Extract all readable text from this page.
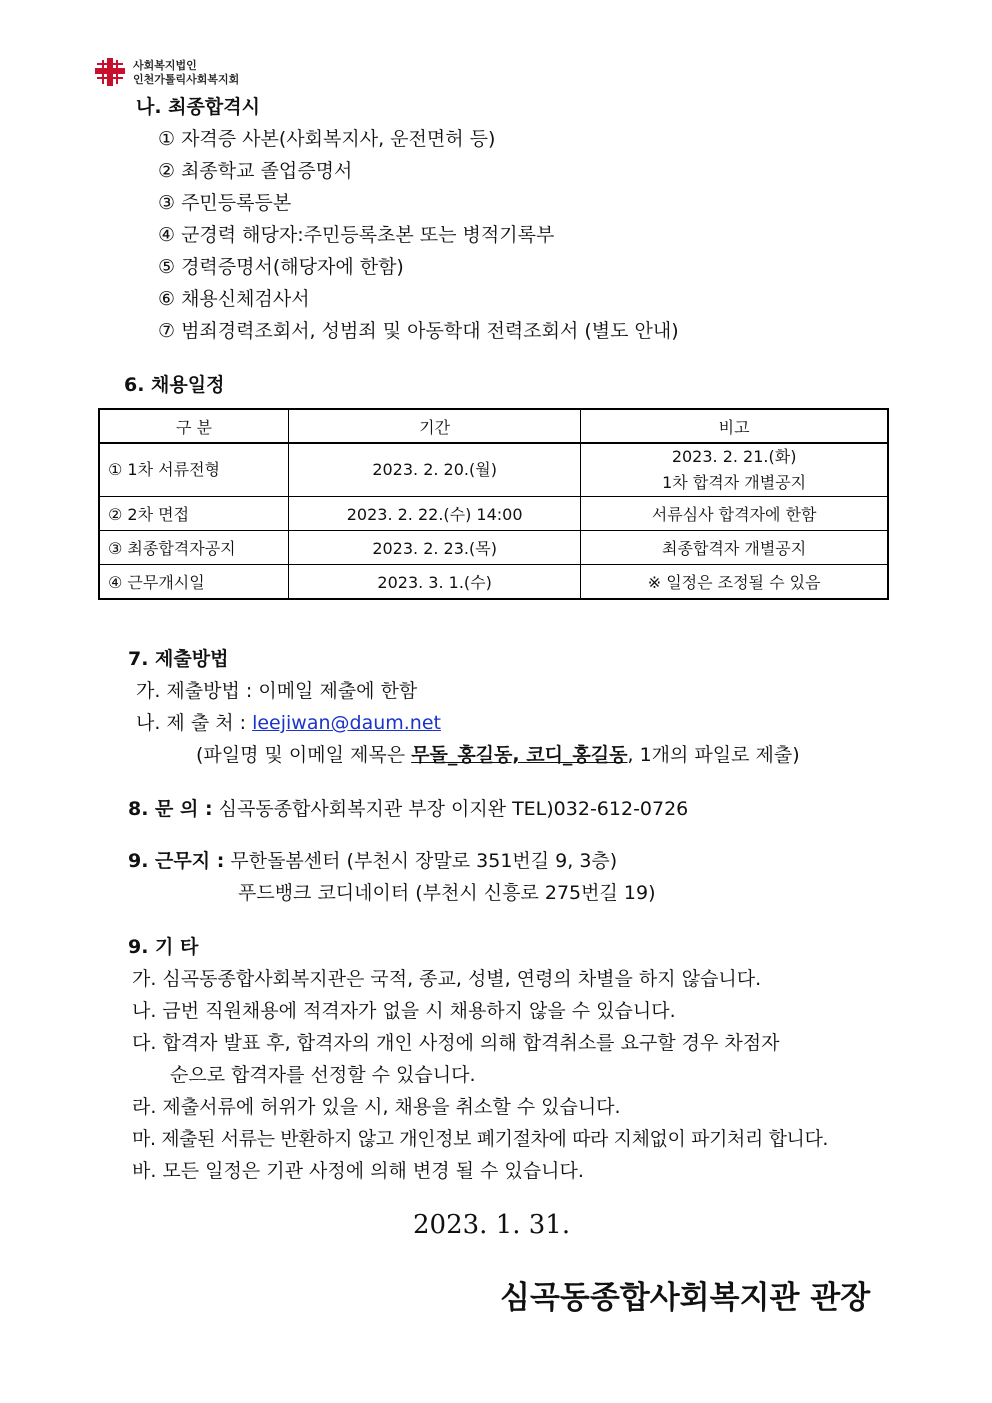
사회복지법인
인천가톨릭사회복지회
나. 최종합격시
① 자격증 사본(사회복지사, 운전면허 등)
② 최종학교 졸업증명서
③ 주민등록등본
④ 군경력 해당자:주민등록초본 또는 병적기록부
⑤ 경력증명서(해당자에 한함)
⑥ 채용신체검사서
⑦ 범죄경력조회서, 성범죄 및 아동학대 전력조회서 (별도 안내)
6. 채용일정
구 분	기간	비고
① 1차 서류전형	2023. 2. 20.(월)	2023. 2. 21.(화)
1차 합격자 개별공지

② 2차 면접	2023. 2. 22.(수) 14:00	서류심사 합격자에 한함
③ 최종합격자공지	2023. 2. 23.(목)	최종합격자 개별공지
④ 근무개시일	2023. 3. 1.(수)	※ 일정은 조정될 수 있음
7. 제출방법
가. 제출방법 : 이메일 제출에 한함
나. 제 출 처 : leejiwan@daum.net
(파일명 및 이메일 제목은 무돌_홍길동, 코디_홍길동, 1개의 파일로 제출)
8. 문 의 : 심곡동종합사회복지관 부장 이지완 TEL)032-612-0726
9. 근무지 : 무한돌봄센터 (부천시 장말로 351번길 9, 3층)
푸드뱅크 코디네이터 (부천시 신흥로 275번길 19)
9. 기 타
가. 심곡동종합사회복지관은 국적, 종교, 성별, 연령의 차별을 하지 않습니다.
나. 금번 직원채용에 적격자가 없을 시 채용하지 않을 수 있습니다.
다. 합격자 발표 후, 합격자의 개인 사정에 의해 합격취소를 요구할 경우 차점자
순으로 합격자를 선정할 수 있습니다.
라. 제출서류에 허위가 있을 시, 채용을 취소할 수 있습니다.
마. 제출된 서류는 반환하지 않고 개인정보 폐기절차에 따라 지체없이 파기처리 합니다.
바. 모든 일정은 기관 사정에 의해 변경 될 수 있습니다.
2023. 1. 31.
심곡동종합사회복지관 관장
